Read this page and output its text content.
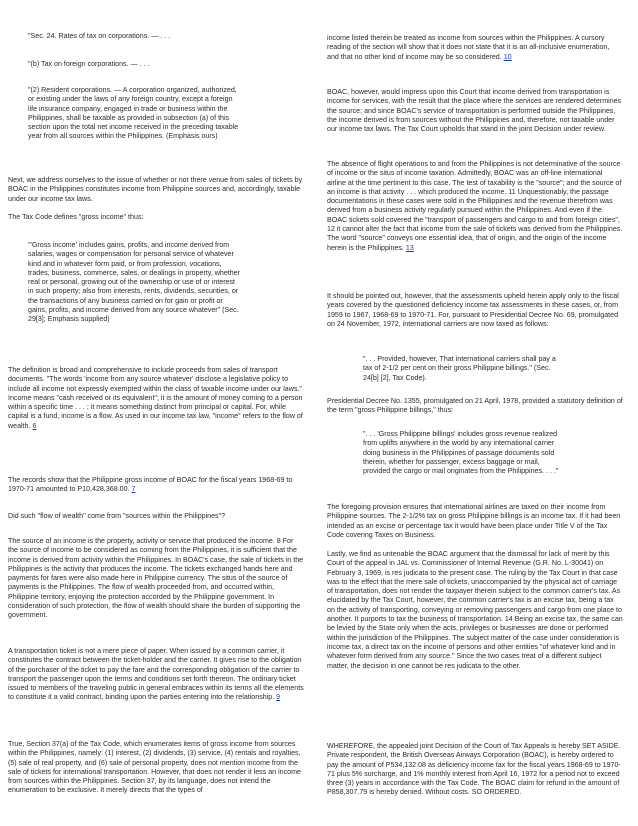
"Sec. 24. Rates of tax on corporations. — . . .

"(b) Tax on foreign corporations. — . . .

"(2) Resident corporations. — A corporation organized, authorized, or existing under the laws of any foreign country, except a foreign life insurance company, engaged in trade or business within the Philippines, shall be taxable as provided in subsection (a) of this section upon the total net income received in the preceding taxable year from all sources within the Philippines. (Emphasis ours)

Next, we address ourselves to the issue of whether or not there venue from sales of tickets by BOAC in the Philippines constitutes income from Philippine sources and, accordingly, taxable under our income tax laws.

The Tax Code defines "gross income" thus:

"'Gross income' includes gains, profits, and income derived from salaries, wages or compensation for personal service of whatever kind and in whatever form paid, or from profession, vocations, trades, business, commerce, sales, or dealings in property, whether real or personal, growing out of the ownership or use of or interest in such property; also from interests, rents, dividends, securities, or the transactions of any business carried on for gain or profit or gains, profits, and income derived from any source whatever" (Sec. 29[3]; Emphasis supplied)

The definition is broad and comprehensive to include proceeds from sales of transport documents. "The words 'income from any source whatever' disclose a legislative policy to include all income not expressly exempted within the class of taxable income under our laws." Income means "cash received or its equivalent"; it is the amount of money coming to a person within a specific time . . . ; it means something distinct from principal or capital. For, while capital is a fund, income is a flow. As used in our income tax law, "income" refers to the flow of wealth. 6

The records show that the Philippine gross income of BOAC for the fiscal years 1968-69 to 1970-71 amounted to P10,428,368.00. 7

Did such "flow of wealth" come from "sources within the Philippines"?

The source of an income is the property, activity or service that produced the income. 8 For the source of income to be considered as coming from the Philippines, it is sufficient that the income is derived from activity within the Philippines. In BOAC's case, the sale of tickets in the Philippines is the activity that produces the income. The tickets exchanged hands here and payments for fares were also made here in Philippine currency. The situs of the source of payments is the Philippines. The flow of wealth proceeded from, and occurred within, Philippine territory, enjoying the protection accorded by the Philippine government. In consideration of such protection, the flow of wealth should share the burden of supporting the government.

A transportation ticket is not a mere piece of paper. When issued by a common carrier, it constitutes the contract between the ticket-holder and the carrier. It gives rise to the obligation of the purchaser of the ticket to pay the fare and the corresponding obligation of the carrier to transport the passenger upon the terms and conditions set forth thereon. The ordinary ticket issued to members of the traveling public in general embraces within its terms all the elements to constitute it a valid contract, binding upon the parties entering into the relationship. 9

True, Section 37(a) of the Tax Code, which enumerates items of gross income from sources within the Philippines, namely: (1) interest, (2) dividends, (3) service, (4) rentals and royalties, (5) sale of real property, and (6) sale of personal property, does not mention income from the sale of tickets for international transportation. However, that does not render it less an income from sources within the Philippines. Section 37, by its language, does not intend the enumeration to be exclusive. It merely directs that the types of

income listed therein be treated as income from sources within the Philippines. A cursory reading of the section will show that it does not state that it is an all-inclusive enumeration, and that no other kind of income may be so considered. 10

BOAC, however, would impress upon this Court that income derived from transportation is income for services, with the result that the place where the services are rendered determines the source; and since BOAC's service of transportation is performed outside the Philippines, the income derived is from sources without the Philippines and, therefore, not taxable under our income tax laws. The Tax Court upholds that stand in the joint Decision under review.

The absence of flight operations to and from the Philippines is not determinative of the source of income or the situs of income taxation. Admittedly, BOAC was an off-line international airline at the time pertinent to this case. The test of taxability is the "source"; and the source of an income is that activity . . . which produced the income. 11 Unquestionably, the passage documentations in these cases were sold in the Philippines and the revenue therefrom was derived from a business activity regularly pursued within the Philippines. And even if the BOAC tickets sold covered the "transport of passengers and cargo to and from foreign cities", 12 it cannot alter the fact that income from the sale of tickets was derived from the Philippines. The word "source" conveys one essential idea, that of origin, and the origin of the income herein is the Philippines. 13

It should be pointed out, however, that the assessments upheld herein apply only to the fiscal years covered by the questioned deficiency income tax assessments in these cases, or, from 1959 to 1967, 1968-69 to 1970-71. For, pursuant to Presidential Decree No. 69, promulgated on 24 November, 1972, international carriers are now taxed as follows:

". . . Provided, however, That international carriers shall pay a tax of 2-1/2 per cent on their gross Philippine billings." (Sec. 24[b] [2], Tax Code).

Presidential Decree No. 1355, promulgated on 21 April, 1978, provided a statutory definition of the term "gross Philippine billings," thus:

". . . 'Gross Philippine billings' includes gross revenue realized from uplifts anywhere in the world by any international carrier doing business in the Philippines of passage documents sold therein, whether for passenger, excess baggage or mail, provided the cargo or mail originates from the Philippines. . . ."

The foregoing provision ensures that international airlines are taxed on their income from Philippine sources. The 2-1/2% tax on gross Philippine billings is an income tax. If it had been intended as an excise or percentage tax it would have been place under Title V of the Tax Code covering Taxes on Business.

Lastly, we find as untenable the BOAC argument that the dismissal for lack of merit by this Court of the appeal in JAL vs. Commissioner of Internal Revenue (G.R. No. L-30041) on February 3, 1969, is res judicata to the present case. The ruling by the Tax Court in that case was to the effect that the mere sale of tickets, unaccompanied by the physical act of carriage of transportation, does not render the taxpayer therein subject to the common carrier's tax. As elucidated by the Tax Court, however, the common carrier's tax is an excise tax, being a tax on the activity of transporting, conveying or removing passengers and cargo from one place to another. It purports to tax the business of transportation. 14 Being an excise tax, the same can be levied by the State only when the acts, privileges or businesses are done or performed within the jurisdiction of the Philippines. The subject matter of the case under consideration is income tax, a direct tax on the income of persons and other entities "of whatever kind and in whatever form derived from any source." Since the two cases treat of a different subject matter, the decision in one cannot be res judicata to the other.

WHEREFORE, the appealed joint Decision of the Court of Tax Appeals is hereby SET ASIDE. Private respondent, the British Overseas Airways Corporation (BOAC), is hereby ordered to pay the amount of P534,132.08 as deficiency income tax for the fiscal years 1968-69 to 1970-71 plus 5% surcharge, and 1% monthly interest from April 16, 1972 for a period not to exceed three (3) years in accordance with the Tax Code. The BOAC claim for refund in the amount of P858,307.79 is hereby denied. Without costs. SO ORDERED.
